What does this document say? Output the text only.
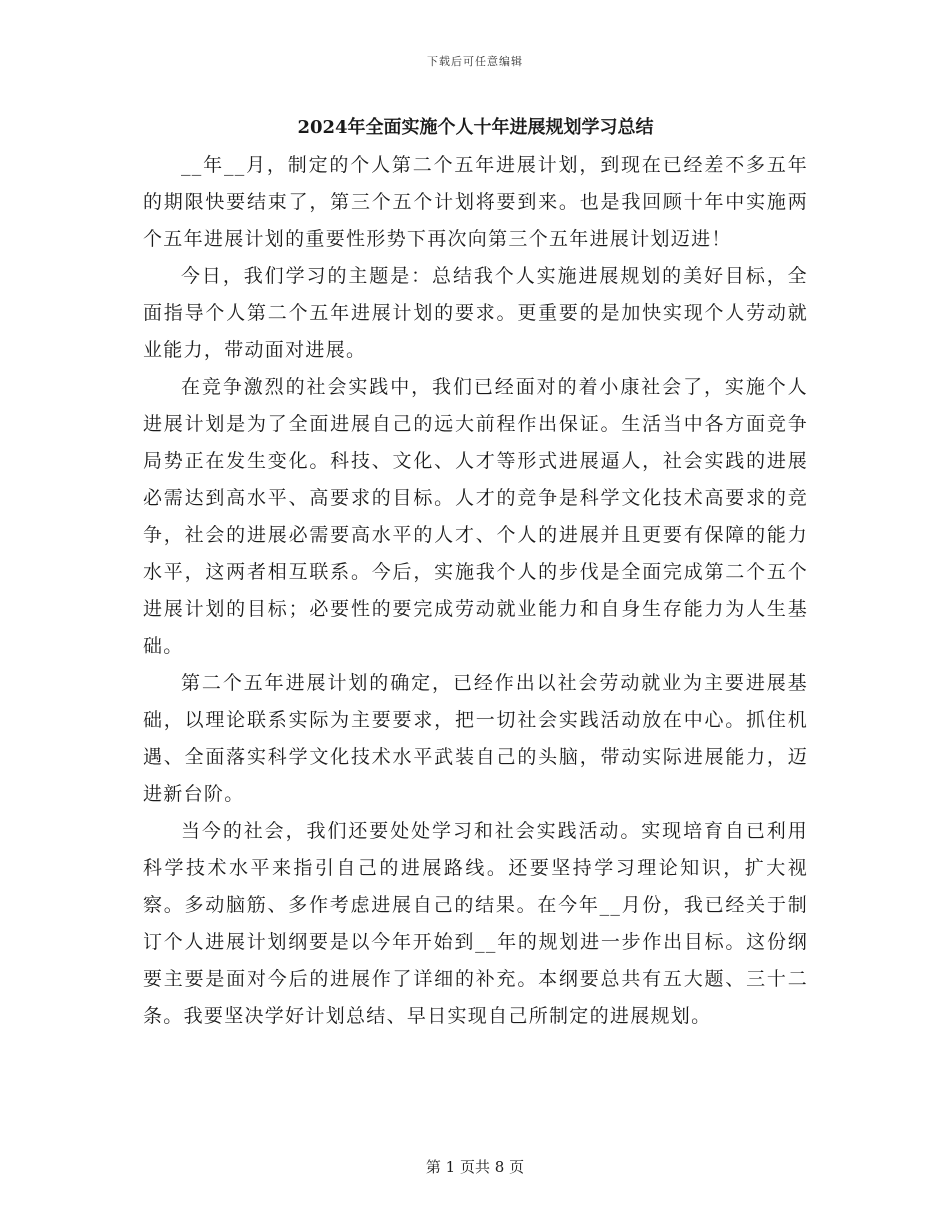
下载后可任意编辑
2024年全面实施个人十年进展规划学习总结

__年__月，制定的个人第二个五年进展计划，到现在已经差不多五年的期限快要结束了，第三个五个计划将要到来。也是我回顾十年中实施两个五年进展计划的重要性形势下再次向第三个五年进展计划迈进！

今日，我们学习的主题是：总结我个人实施进展规划的美好目标，全面指导个人第二个五年进展计划的要求。更重要的是加快实现个人劳动就业能力，带动面对进展。

在竞争激烈的社会实践中，我们已经面对的着小康社会了，实施个人进展计划是为了全面进展自己的远大前程作出保证。生活当中各方面竞争局势正在发生变化。科技、文化、人才等形式进展逼人，社会实践的进展必需达到高水平、高要求的目标。人才的竞争是科学文化技术高要求的竞争，社会的进展必需要高水平的人才、个人的进展并且更要有保障的能力水平，这两者相互联系。今后，实施我个人的步伐是全面完成第二个五个进展计划的目标；必要性的要完成劳动就业能力和自身生存能力为人生基础。

第二个五年进展计划的确定，已经作出以社会劳动就业为主要进展基础，以理论联系实际为主要要求，把一切社会实践活动放在中心。抓住机遇、全面落实科学文化技术水平武装自己的头脑，带动实际进展能力，迈进新台阶。

当今的社会，我们还要处处学习和社会实践活动。实现培育自已利用科学技术水平来指引自己的进展路线。还要坚持学习理论知识，扩大视察。多动脑筋、多作考虑进展自己的结果。在今年__月份，我已经关于制订个人进展计划纲要是以今年开始到__年的规划进一步作出目标。这份纲要主要是面对今后的进展作了详细的补充。本纲要总共有五大题、三十二条。我要坚决学好计划总结、早日实现自己所制定的进展规划。

第 1 页共 8 页
